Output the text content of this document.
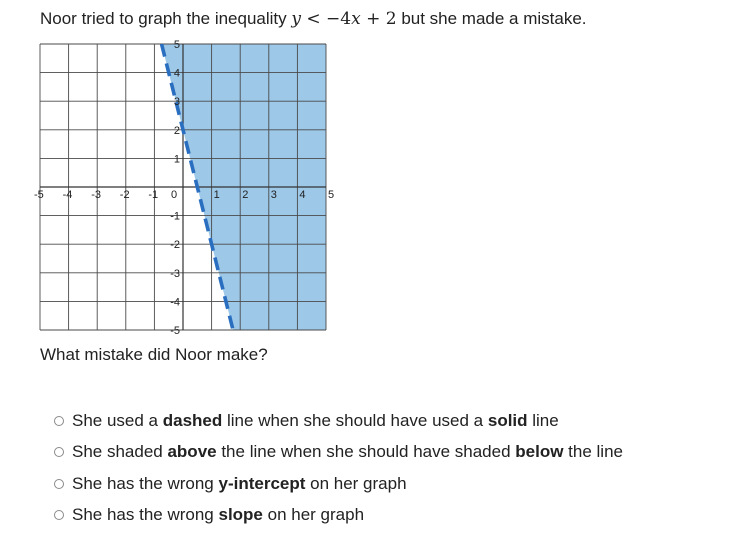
Noor tried to graph the inequality y < −4x + 2 but she made a mistake.
-5 -4 -3 -2 -1 0	1 2 3 4 5
5
4
3
2
1
-1
-2
-3
-4
-5
What mistake did Noor make?
She used a dashed line when she should have used a solid line
She shaded above the line when she should have shaded below the line
She has the wrong y-intercept on her graph
She has the wrong slope on her graph
